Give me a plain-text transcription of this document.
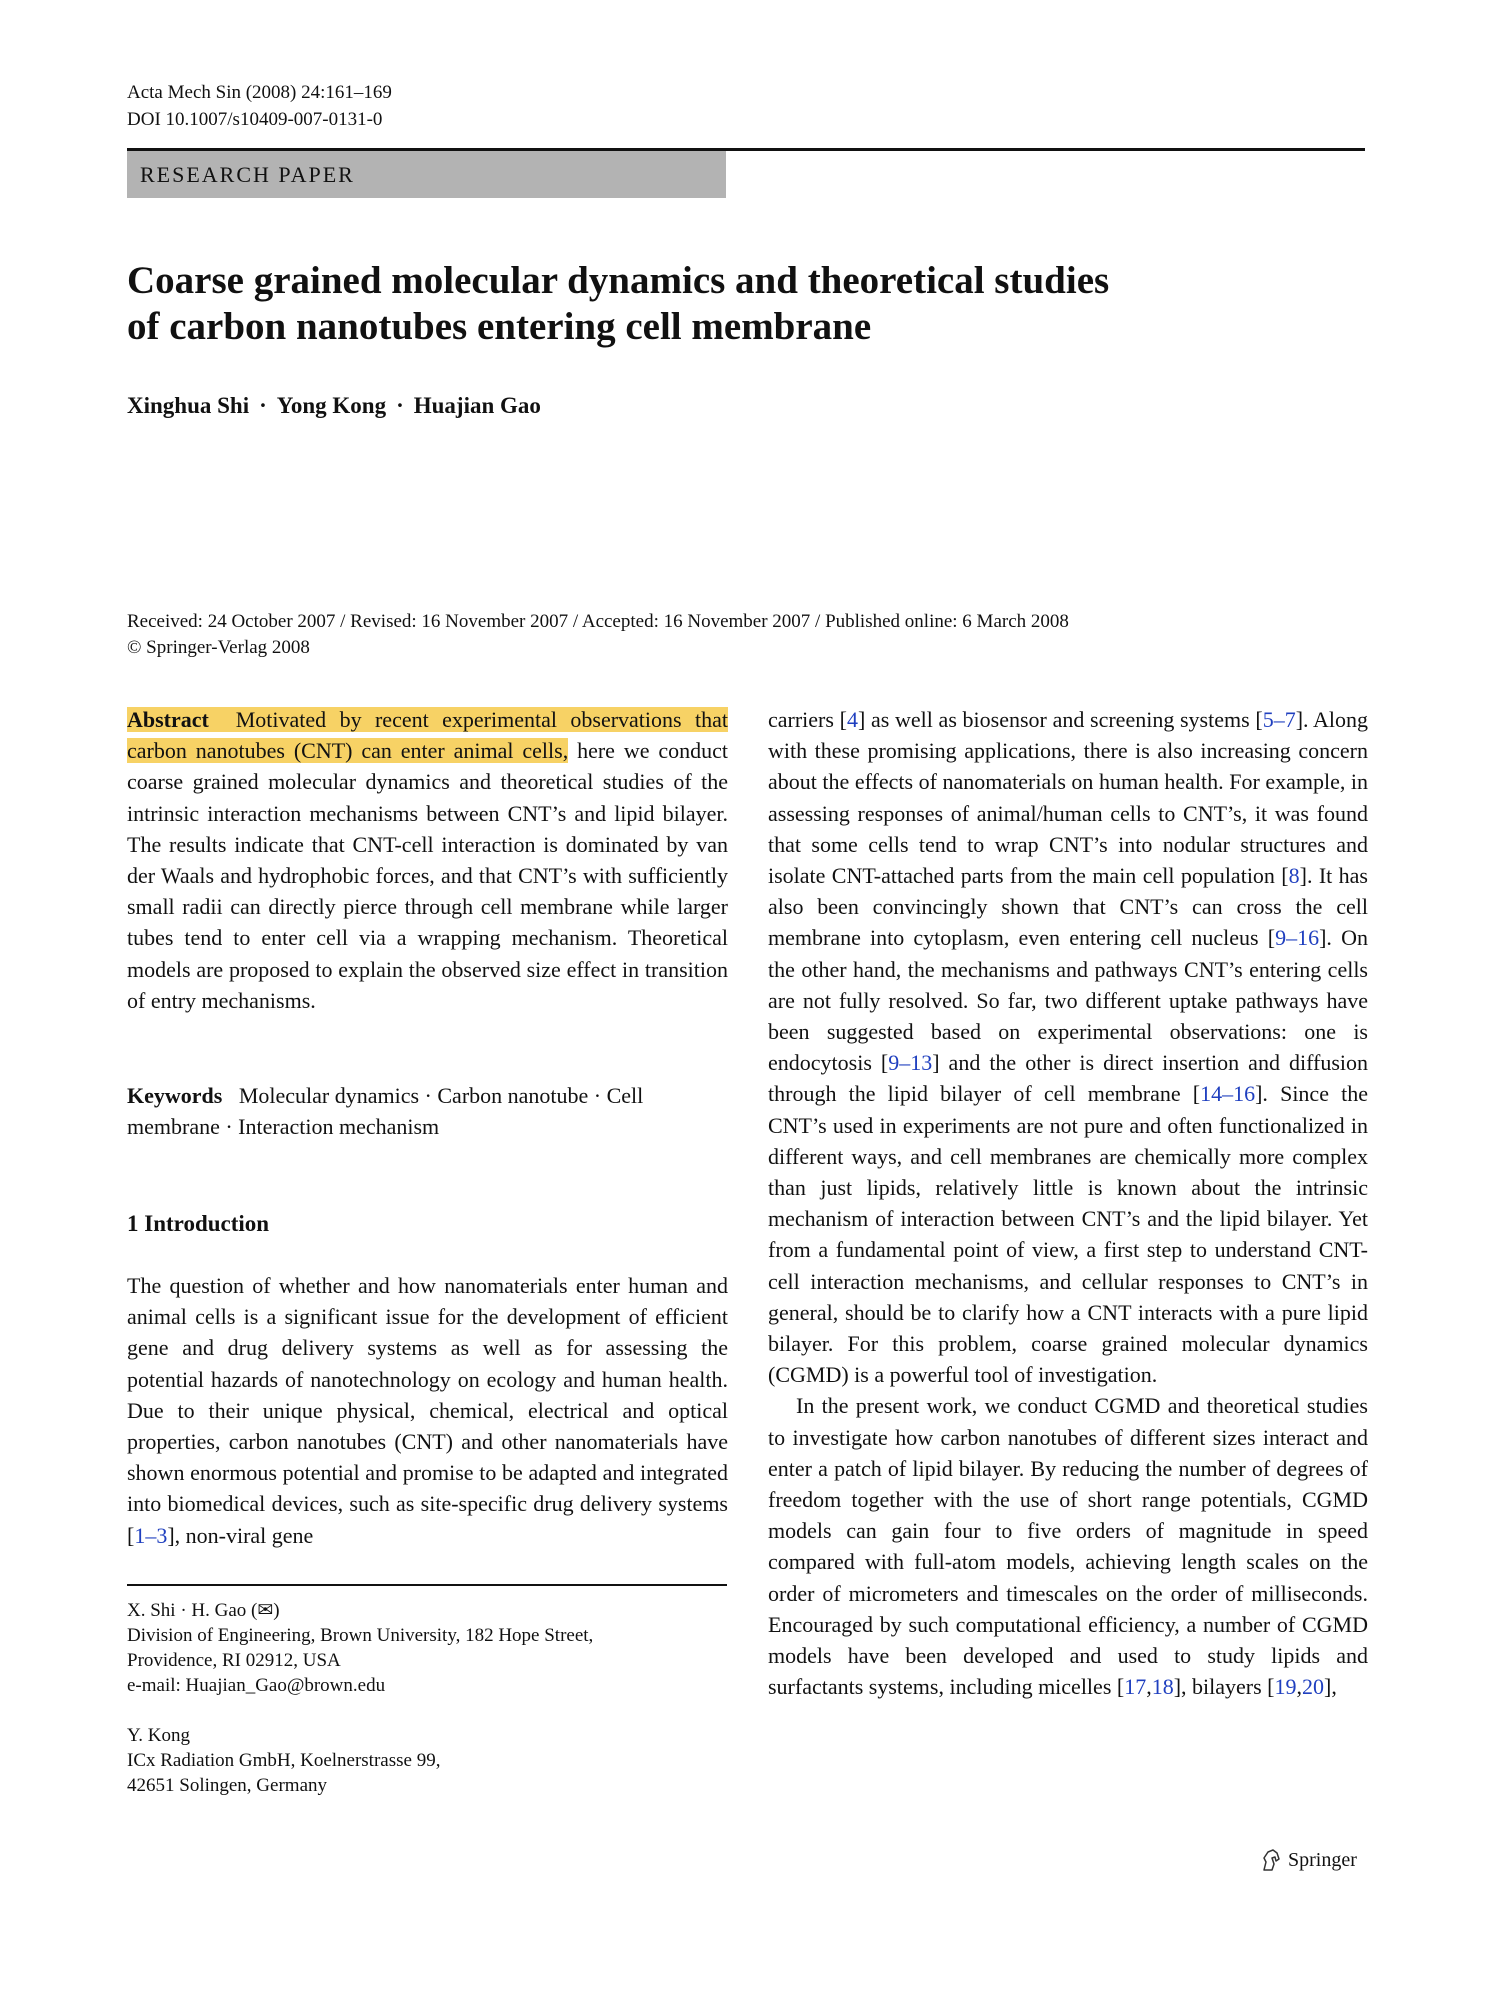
Acta Mech Sin (2008) 24:161–169
DOI 10.1007/s10409-007-0131-0
RESEARCH PAPER
Coarse grained molecular dynamics and theoretical studies
of carbon nanotubes entering cell membrane
Xinghua Shi · Yong Kong · Huajian Gao
Received: 24 October 2007 / Revised: 16 November 2007 / Accepted: 16 November 2007 / Published online: 6 March 2008
© Springer-Verlag 2008

Abstract Motivated by recent experimental observations that carbon nanotubes (CNT) can enter animal cells, here we conduct coarse grained molecular dynamics and theoretical studies of the intrinsic interaction mechanisms between CNT’s and lipid bilayer. The results indicate that CNT-cell interaction is dominated by van der Waals and hydrophobic forces, and that CNT’s with sufficiently small radii can directly pierce through cell membrane while larger tubes tend to enter cell via a wrapping mechanism. Theoretical models are proposed to explain the observed size effect in transition of entry mechanisms.

Keywords Molecular dynamics · Carbon nanotube · Cell membrane · Interaction mechanism
1 Introduction
The question of whether and how nanomaterials enter human and animal cells is a significant issue for the development of efficient gene and drug delivery systems as well as for assessing the potential hazards of nanotechnology on ecology and human health. Due to their unique physical, chemical, electrical and optical properties, carbon nanotubes (CNT) and other nanomaterials have shown enormous potential and promise to be adapted and integrated into biomedical devices, such as site-specific drug delivery systems [1–3], non-viral gene

carriers [4] as well as biosensor and screening systems [5–7]. Along with these promising applications, there is also increasing concern about the effects of nanomaterials on human health. For example, in assessing responses of animal/human cells to CNT’s, it was found that some cells tend to wrap CNT’s into nodular structures and isolate CNT-attached parts from the main cell population [8]. It has also been convincingly shown that CNT’s can cross the cell membrane into cytoplasm, even entering cell nucleus [9–16]. On the other hand, the mechanisms and pathways CNT’s entering cells are not fully resolved. So far, two different uptake pathways have been suggested based on experimental observations: one is endocytosis [9–13] and the other is direct insertion and diffusion through the lipid bilayer of cell membrane [14–16]. Since the CNT’s used in experiments are not pure and often functionalized in different ways, and cell membranes are chemically more complex than just lipids, relatively little is known about the intrinsic mechanism of interaction between CNT’s and the lipid bilayer. Yet from a fundamental point of view, a first step to understand CNT-cell interaction mechanisms, and cellular responses to CNT’s in general, should be to clarify how a CNT interacts with a pure lipid bilayer. For this problem, coarse grained molecular dynamics (CGMD) is a powerful tool of investigation.

In the present work, we conduct CGMD and theoretical studies to investigate how carbon nanotubes of different sizes interact and enter a patch of lipid bilayer. By reducing the number of degrees of freedom together with the use of short range potentials, CGMD models can gain four to five orders of magnitude in speed compared with full-atom models, achieving length scales on the order of micrometers and timescales on the order of milliseconds. Encouraged by such computational efficiency, a number of CGMD models have been developed and used to study lipids and surfactants systems, including micelles [17,18], bilayers [19,20],

X. Shi · H. Gao (✉)
Division of Engineering, Brown University, 182 Hope Street,
Providence, RI 02912, USA
e-mail: Huajian_Gao@brown.edu
Y. Kong
ICx Radiation GmbH, Koelnerstrasse 99,
42651 Solingen, Germany
Springer
